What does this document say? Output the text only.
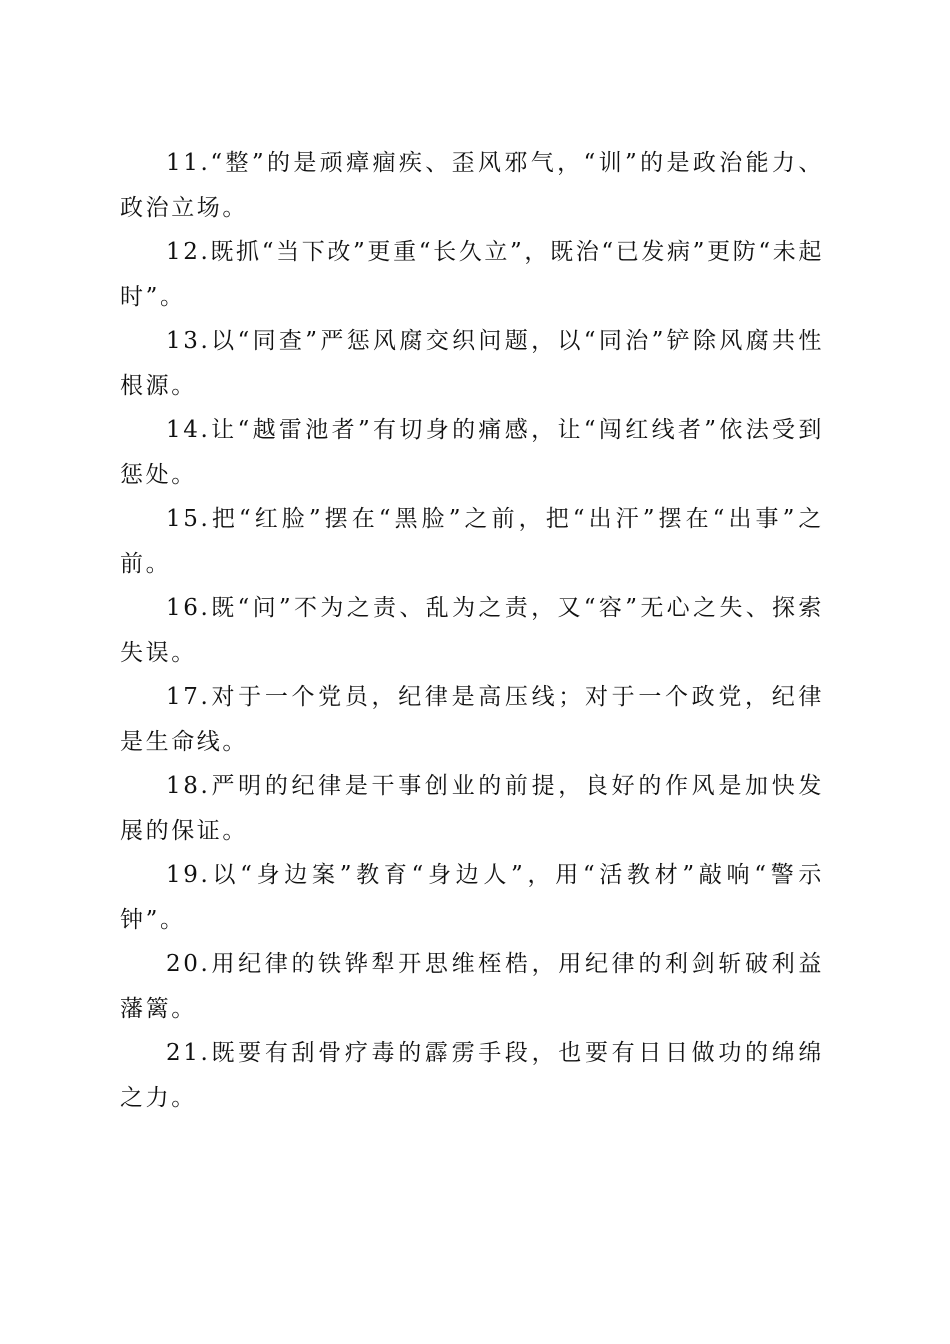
11.“整”的是顽瘴痼疾、歪风邪气，“训”的是政治能力、政治立场。

12.既抓“当下改”更重“长久立”，既治“已发病”更防“未起时”。

13.以“同查”严惩风腐交织问题，以“同治”铲除风腐共性根源。

14.让“越雷池者”有切身的痛感，让“闯红线者”依法受到惩处。

15.把“红脸”摆在“黑脸”之前，把“出汗”摆在“出事”之前。

16.既“问”不为之责、乱为之责，又“容”无心之失、探索失误。

17.对于一个党员，纪律是高压线；对于一个政党，纪律是生命线。

18.严明的纪律是干事创业的前提，良好的作风是加快发展的保证。

19.以“身边案”教育“身边人”，用“活教材”敲响“警示钟”。

20.用纪律的铁铧犁开思维桎梏，用纪律的利剑斩破利益藩篱。

21.既要有刮骨疗毒的霹雳手段，也要有日日做功的绵绵之力。
